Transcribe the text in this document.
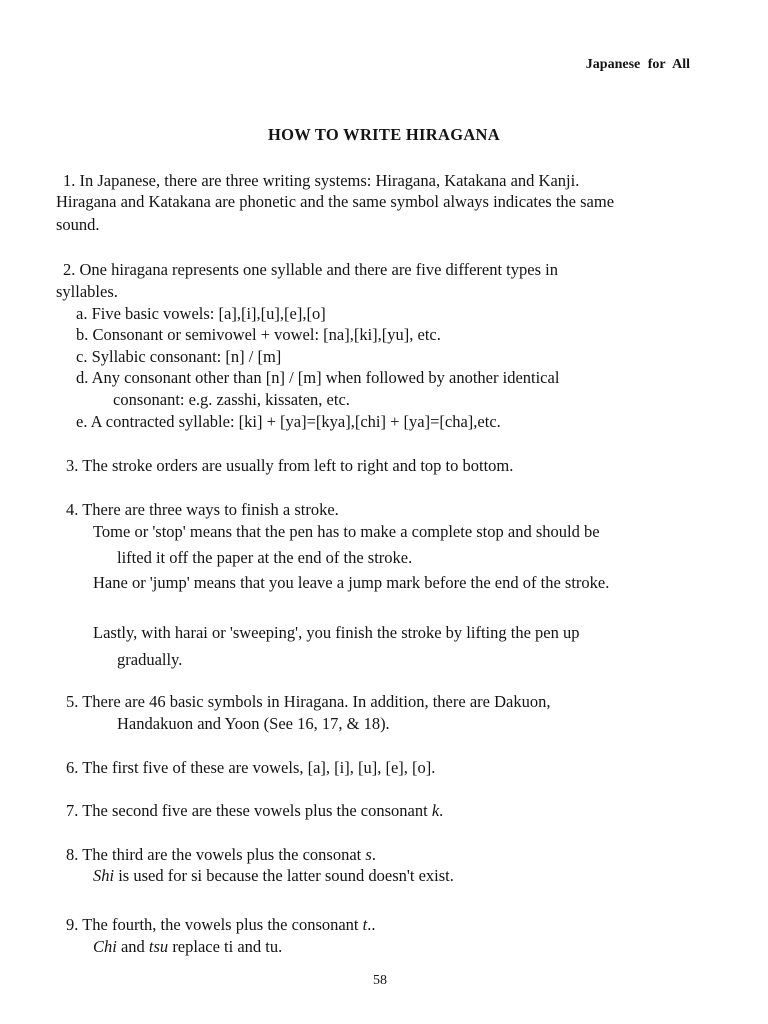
Japanese for All
HOW TO WRITE HIRAGANA
1. In Japanese, there are three writing systems: Hiragana, Katakana and Kanji.
Hiragana and Katakana are phonetic and the same symbol always indicates the same
sound.
2. One hiragana represents one syllable and there are five different types in
syllables.
a. Five basic vowels: [a],[i],[u],[e],[o]
b. Consonant or semivowel + vowel: [na],[ki],[yu], etc.
c. Syllabic consonant: [n] / [m]
d. Any consonant other than [n] / [m] when followed by another identical
consonant: e.g. zasshi, kissaten, etc.
e. A contracted syllable: [ki] + [ya]=[kya],[chi] + [ya]=[cha],etc.
3. The stroke orders are usually from left to right and top to bottom.
4. There are three ways to finish a stroke.
Tome or 'stop' means that the pen has to make a complete stop and should be
lifted it off the paper at the end of the stroke.
Hane or 'jump' means that you leave a jump mark before the end of the stroke.
Lastly, with harai or 'sweeping', you finish the stroke by lifting the pen up
gradually.
5. There are 46 basic symbols in Hiragana. In addition, there are Dakuon,
Handakuon and Yoon (See 16, 17, & 18).
6. The first five of these are vowels, [a], [i], [u], [e], [o].
7. The second five are these vowels plus the consonant k.
8. The third are the vowels plus the consonat s.
Shi is used for si because the latter sound doesn't exist.
9. The fourth, the vowels plus the consonant t..
Chi and tsu replace ti and tu.
58
